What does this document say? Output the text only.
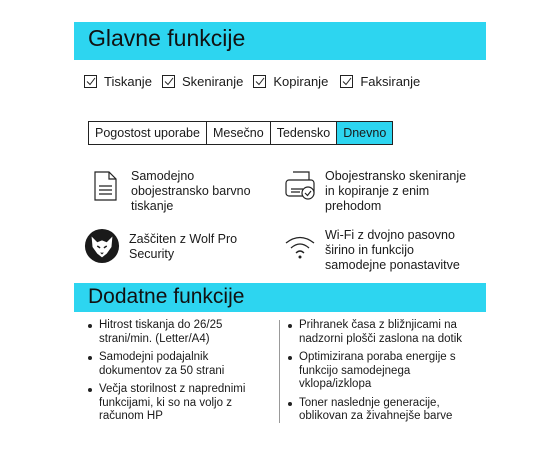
Glavne funkcije
Tiskanje Skeniranje Kopiranje Faksiranje
Pogostost uporabe	Mesečno	Tedensko	Dnevno
Samodejno obojestransko barvno tiskanje
Obojestransko skeniranje in kopiranje z enim prehodom
Zaščiten z Wolf Pro Security
Wi-Fi z dvojno pasovno širino in funkcijo samodejne ponastavitve
Dodatne funkcije
Hitrost tiskanja do 26/25 strani/min. (Letter/A4)
Samodejni podajalnik dokumentov za 50 strani
Večja storilnost z naprednimi funkcijami, ki so na voljo z računom HP
Prihranek časa z bližnjicami na nadzorni plošči zaslona na dotik
Optimizirana poraba energije s funkcijo samodejnega vklopa/izklopa
Toner naslednje generacije, oblikovan za živahnejše barve
